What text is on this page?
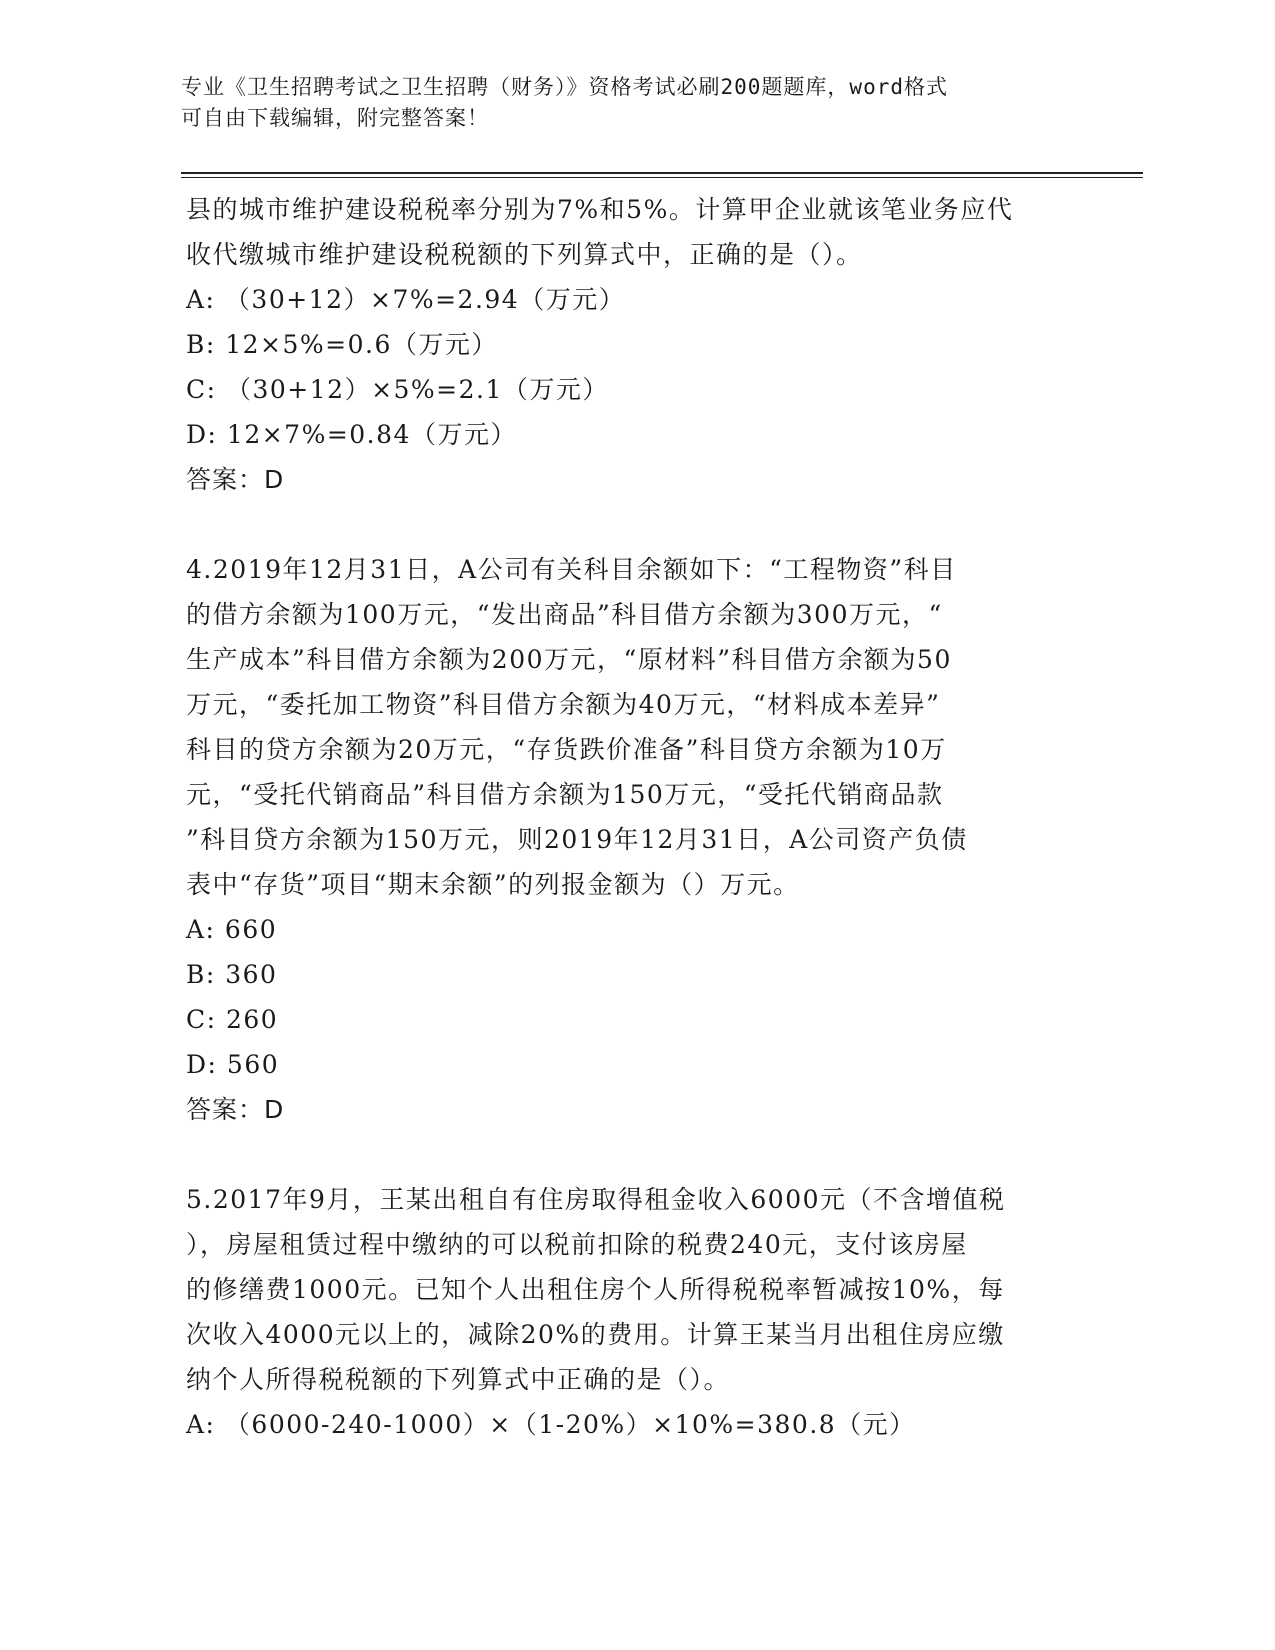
专业《卫生招聘考试之卫生招聘（财务）》资格考试必刷200题题库，word格式
可自由下载编辑，附完整答案！
县的城市维护建设税税率分别为7%和5%。计算甲企业就该笔业务应代
收代缴城市维护建设税税额的下列算式中，正确的是（）。
A: （30+12）×7%=2.94（万元）
B: 12×5%=0.6（万元）
C: （30+12）×5%=2.1（万元）
D: 12×7%=0.84（万元）
答案：D
4.2019年12月31日，A公司有关科目余额如下：“工程物资”科目
的借方余额为100万元，“发出商品”科目借方余额为300万元，“
生产成本”科目借方余额为200万元，“原材料”科目借方余额为50
万元，“委托加工物资”科目借方余额为40万元，“材料成本差异”
科目的贷方余额为20万元，“存货跌价准备”科目贷方余额为10万
元，“受托代销商品”科目借方余额为150万元，“受托代销商品款
”科目贷方余额为150万元，则2019年12月31日，A公司资产负债
表中“存货”项目“期末余额”的列报金额为（）万元。
A: 660
B: 360
C: 260
D: 560
答案：D
5.2017年9月，王某出租自有住房取得租金收入6000元（不含增值税
），房屋租赁过程中缴纳的可以税前扣除的税费240元，支付该房屋
的修缮费1000元。已知个人出租住房个人所得税税率暂减按10%，每
次收入4000元以上的，减除20%的费用。计算王某当月出租住房应缴
纳个人所得税税额的下列算式中正确的是（）。
A: （6000-240-1000）×（1-20%）×10%=380.8（元）
